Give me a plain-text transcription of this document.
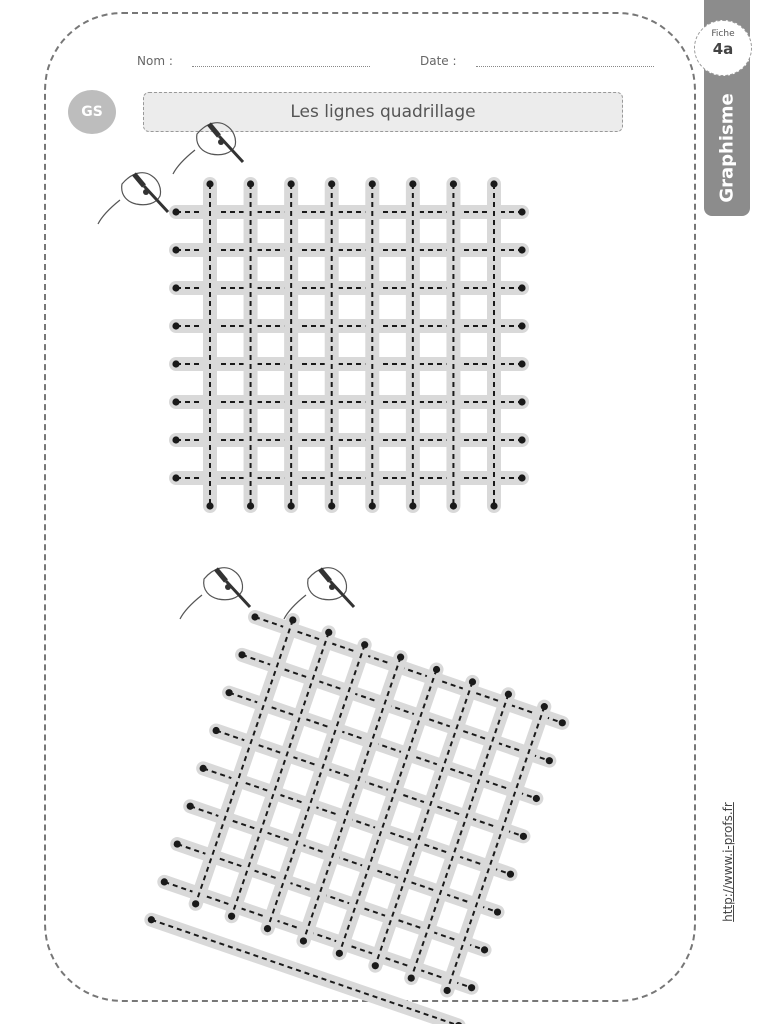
Nom :	Date :
GS	Les lignes quadrillage
Fiche
4a
Graphisme
http://www.i-profs.fr
